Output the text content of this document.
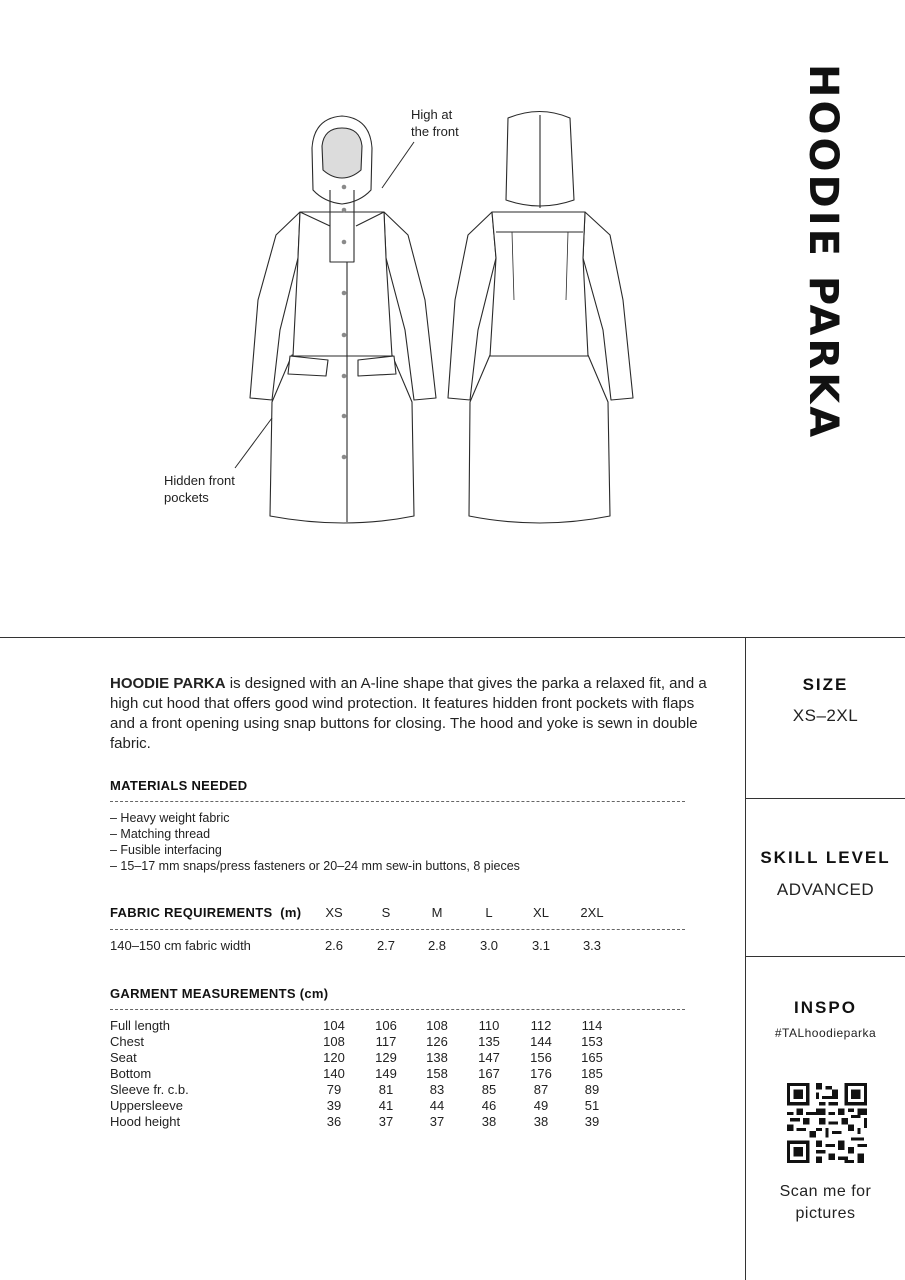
HOODIE PARKA
High at
the front
Hidden front
pockets
HOODIE PARKA is designed with an A-line shape that gives the parka a relaxed fit, and a high cut hood that offers good wind protection. It features hidden front pockets with flaps and a front opening using snap buttons for closing. The hood and yoke is sewn in double fabric.
MATERIALS NEEDED
– Heavy weight fabric
– Matching thread
– Fusible interfacing
– 15–17 mm snaps/press fasteners or 20–24 mm sew-in buttons, 8 pieces
FABRIC REQUIREMENTS (m)	XS	S	M	L	XL	2XL
140–150 cm fabric width	2.6	2.7	2.8	3.0	3.1	3.3
GARMENT MEASUREMENTS (cm)
Full length	104	106	108	110	112	114
Chest	108	117	126	135	144	153
Seat	120	129	138	147	156	165
Bottom	140	149	158	167	176	185
Sleeve fr. c.b.	79	81	83	85	87	89
Uppersleeve	39	41	44	46	49	51
Hood height	36	37	37	38	38	39
SIZE
XS–2XL
SKILL LEVEL
ADVANCED
INSPO
#TALhoodieparka
Scan me for
pictures
